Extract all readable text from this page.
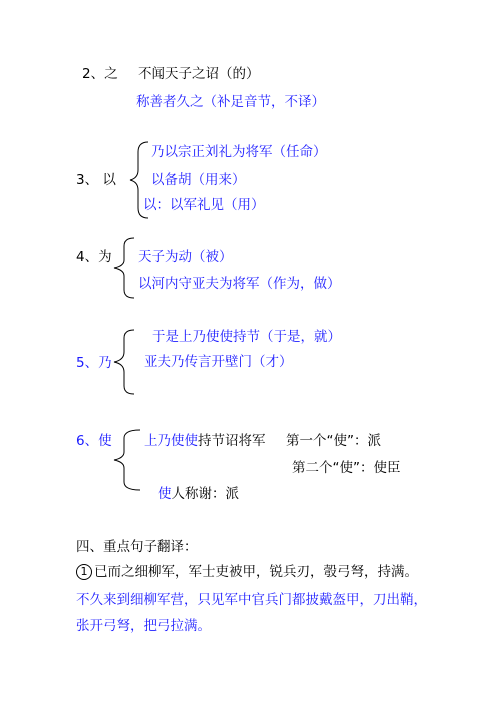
2、之 不闻天子之诏（的）
称善者久之（补足音节，不译）
3、 以
乃以宗正刘礼为将军（任命）
以备胡（用来）
以：以军礼见（用）
4、为 天子为动（被）
以河内守亚夫为将军（作为，做）
5、乃
于是上乃使使持节（于是，就）
亚夫乃传言开壁门（才）
6、使 上乃使使持节诏将军 第一个“使”：派
第二个“使”：使臣
使人称谢：派
四、重点句子翻译：
1 已而之细柳军，军士吏被甲，锐兵刃，彀弓弩，持满。
不久来到细柳军营，只见军中官兵门都披戴盔甲，刀出鞘，
张开弓弩，把弓拉满。
